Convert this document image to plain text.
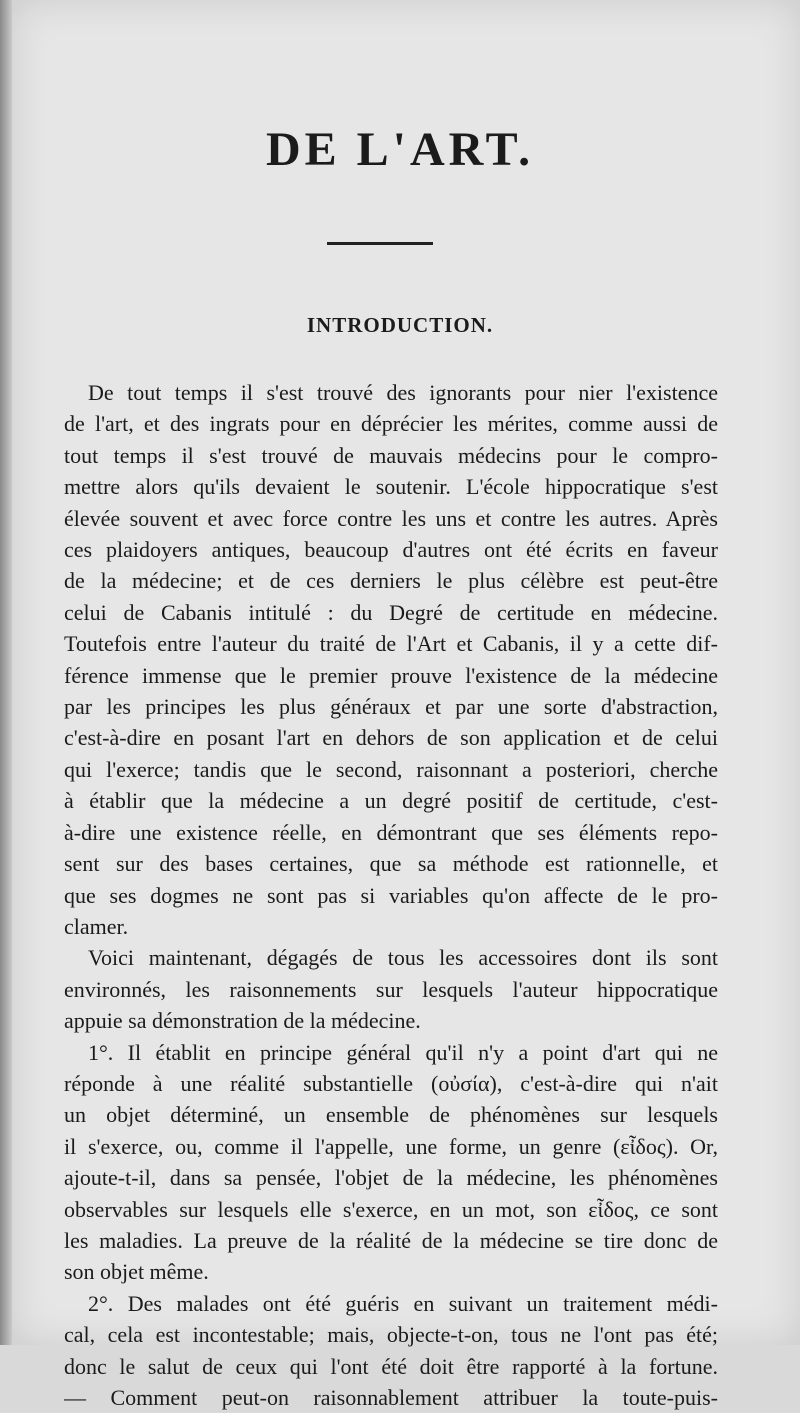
DE L'ART.
INTRODUCTION.

De tout temps il s'est trouvé des ignorants pour nier l'existence

de l'art, et des ingrats pour en déprécier les mérites, comme aussi de

tout temps il s'est trouvé de mauvais médecins pour le compro-

mettre alors qu'ils devaient le soutenir. L'école hippocratique s'est

élevée souvent et avec force contre les uns et contre les autres. Après

ces plaidoyers antiques, beaucoup d'autres ont été écrits en faveur

de la médecine; et de ces derniers le plus célèbre est peut-être

celui de Cabanis intitulé : du Degré de certitude en médecine.

Toutefois entre l'auteur du traité de l'Art et Cabanis, il y a cette dif-

férence immense que le premier prouve l'existence de la médecine

par les principes les plus généraux et par une sorte d'abstraction,

c'est-à-dire en posant l'art en dehors de son application et de celui

qui l'exerce; tandis que le second, raisonnant a posteriori, cherche

à établir que la médecine a un degré positif de certitude, c'est-

à-dire une existence réelle, en démontrant que ses éléments repo-

sent sur des bases certaines, que sa méthode est rationnelle, et

que ses dogmes ne sont pas si variables qu'on affecte de le pro-

clamer.

Voici maintenant, dégagés de tous les accessoires dont ils sont

environnés, les raisonnements sur lesquels l'auteur hippocratique

appuie sa démonstration de la médecine.

1°. Il établit en principe général qu'il n'y a point d'art qui ne

réponde à une réalité substantielle (οὐσία), c'est-à-dire qui n'ait

un objet déterminé, un ensemble de phénomènes sur lesquels

il s'exerce, ou, comme il l'appelle, une forme, un genre (εἶδος). Or,

ajoute-t-il, dans sa pensée, l'objet de la médecine, les phénomènes

observables sur lesquels elle s'exerce, en un mot, son εἶδος, ce sont

les maladies. La preuve de la réalité de la médecine se tire donc de

son objet même.

2°. Des malades ont été guéris en suivant un traitement médi-

cal, cela est incontestable; mais, objecte-t-on, tous ne l'ont pas été;

donc le salut de ceux qui l'ont été doit être rapporté à la fortune.

— Comment peut-on raisonnablement attribuer la toute-puis-
